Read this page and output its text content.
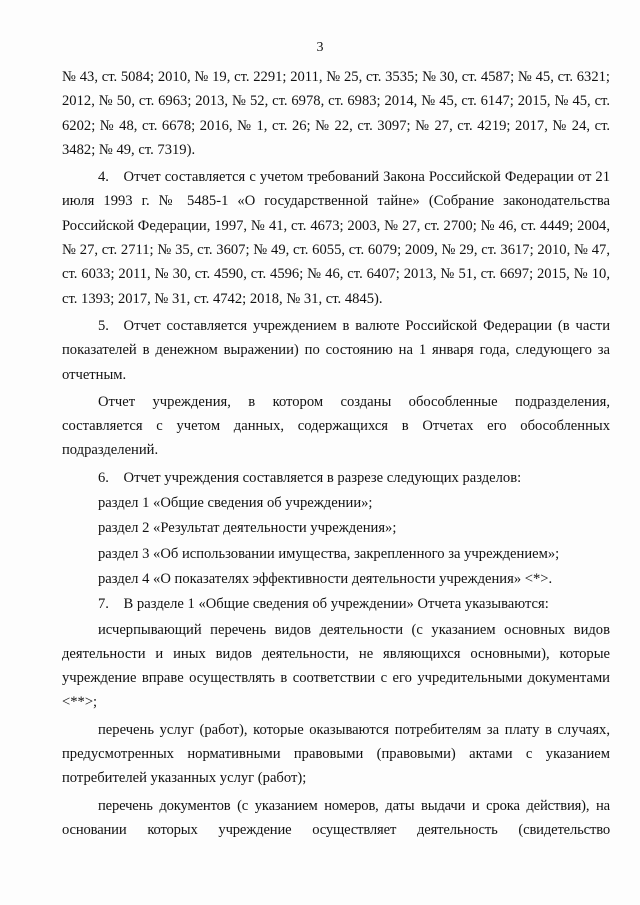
3

№ 43, ст. 5084; 2010, № 19, ст. 2291; 2011, № 25, ст. 3535; № 30, ст. 4587; № 45, ст. 6321; 2012, № 50, ст. 6963; 2013, № 52, ст. 6978, ст. 6983; 2014, № 45, ст. 6147; 2015, № 45, ст. 6202; № 48, ст. 6678; 2016, № 1, ст. 26; № 22, ст. 3097; № 27, ст. 4219; 2017, № 24, ст. 3482; № 49, ст. 7319).

4. Отчет составляется с учетом требований Закона Российской Федерации от 21 июля 1993 г. № 5485-1 «О государственной тайне» (Собрание законодательства Российской Федерации, 1997, № 41, ст. 4673; 2003, № 27, ст. 2700; № 46, ст. 4449; 2004, № 27, ст. 2711; № 35, ст. 3607; № 49, ст. 6055, ст. 6079; 2009, № 29, ст. 3617; 2010, № 47, ст. 6033; 2011, № 30, ст. 4590, ст. 4596; № 46, ст. 6407; 2013, № 51, ст. 6697; 2015, № 10, ст. 1393; 2017, № 31, ст. 4742; 2018, № 31, ст. 4845).

5. Отчет составляется учреждением в валюте Российской Федерации (в части показателей в денежном выражении) по состоянию на 1 января года, следующего за отчетным.

Отчет учреждения, в котором созданы обособленные подразделения, составляется с учетом данных, содержащихся в Отчетах его обособленных подразделений.

6. Отчет учреждения составляется в разрезе следующих разделов:

раздел 1 «Общие сведения об учреждении»;

раздел 2 «Результат деятельности учреждения»;

раздел 3 «Об использовании имущества, закрепленного за учреждением»;

раздел 4 «О показателях эффективности деятельности учреждения» <*>.

7. В разделе 1 «Общие сведения об учреждении» Отчета указываются:

исчерпывающий перечень видов деятельности (с указанием основных видов деятельности и иных видов деятельности, не являющихся основными), которые учреждение вправе осуществлять в соответствии с его учредительными документами <**>;

перечень услуг (работ), которые оказываются потребителям за плату в случаях, предусмотренных нормативными правовыми (правовыми) актами с указанием потребителей указанных услуг (работ);

перечень документов (с указанием номеров, даты выдачи и срока действия), на основании которых учреждение осуществляет деятельность (свидетельство
